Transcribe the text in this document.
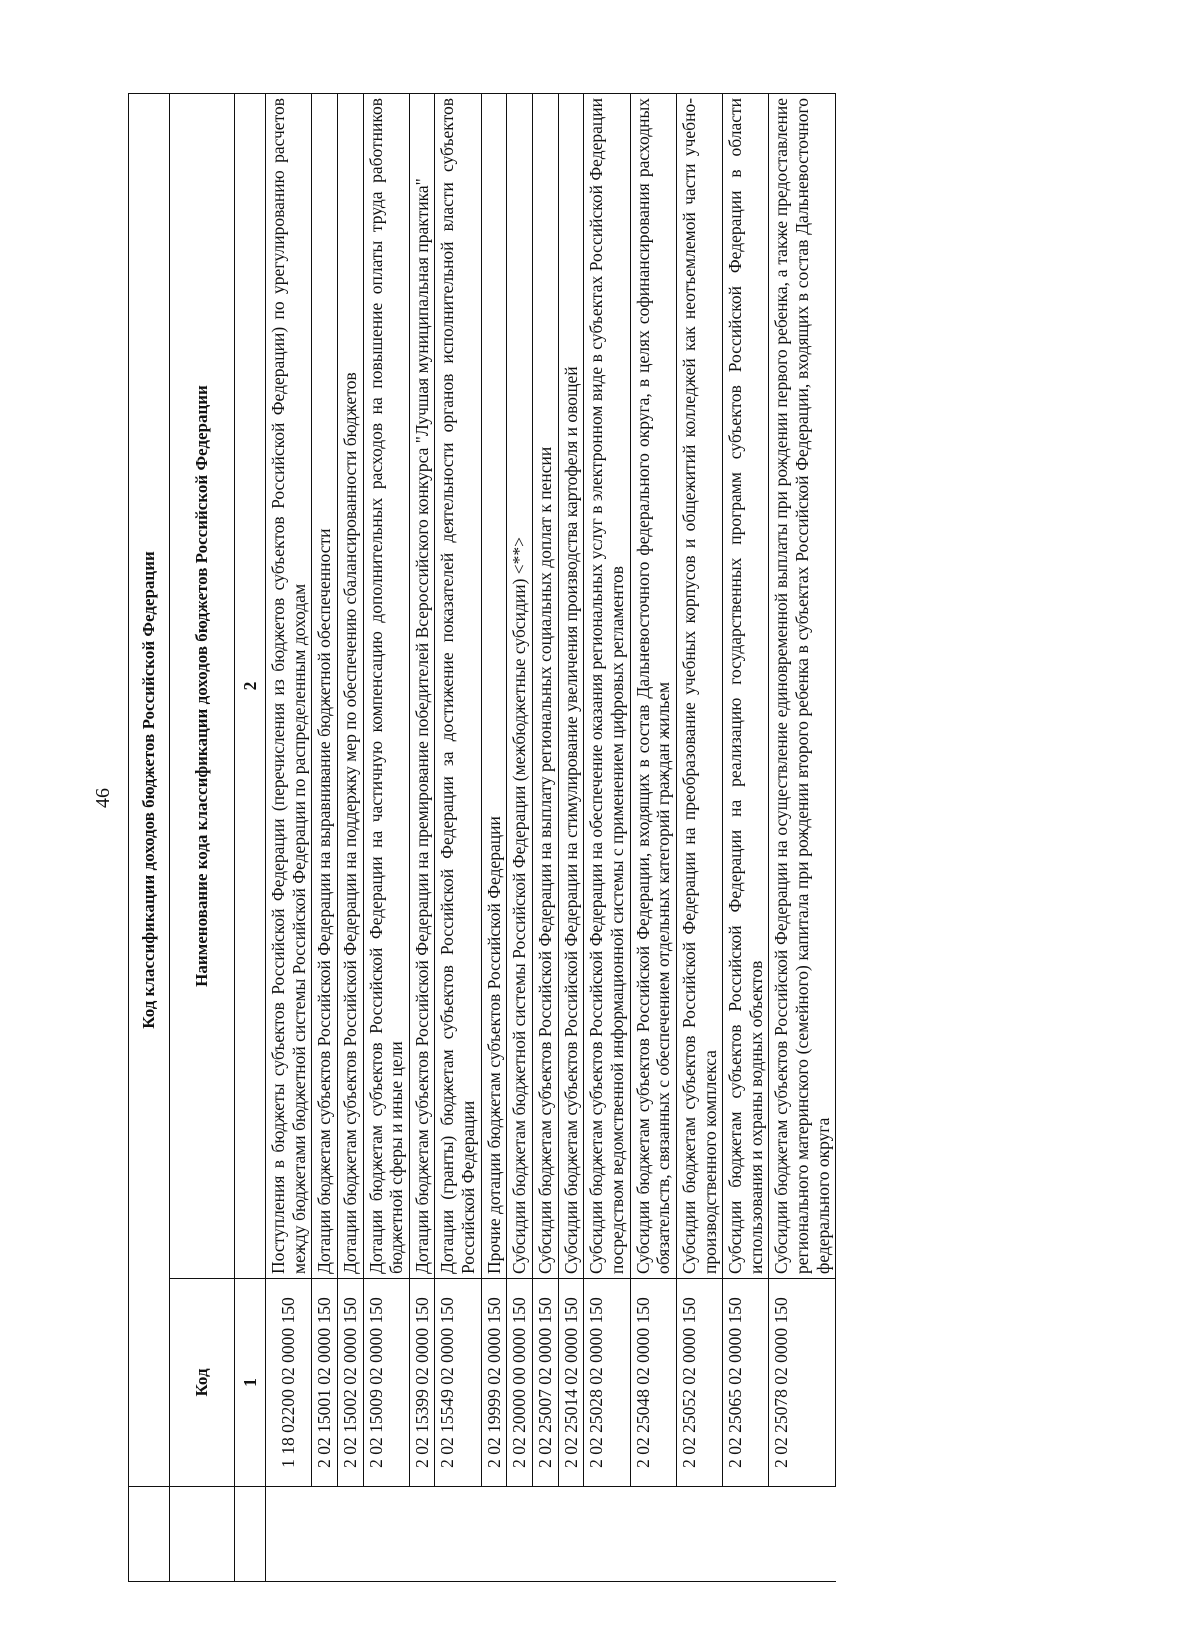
46
	Код классификации доходов бюджетов Российской Федерации	
	Код	Наименование кода классификации доходов бюджетов Российской Федерации
	1	2
	1 18 02200 02 0000 150	Поступления в бюджеты субъектов Российской Федерации (перечисления из бюджетов субъектов Российской Федерации) по урегулированию расчетов между бюджетами бюджетной системы Российской Федерации по распределенным доходам
	2 02 15001 02 0000 150	Дотации бюджетам субъектов Российской Федерации на выравнивание бюджетной обеспеченности
	2 02 15002 02 0000 150	Дотации бюджетам субъектов Российской Федерации на поддержку мер по обеспечению сбалансированности бюджетов
	2 02 15009 02 0000 150	Дотации бюджетам субъектов Российской Федерации на частичную компенсацию дополнительных расходов на повышение оплаты труда работников бюджетной сферы и иные цели
	2 02 15399 02 0000 150	Дотации бюджетам субъектов Российской Федерации на премирование победителей Всероссийского конкурса "Лучшая муниципальная практика"
	2 02 15549 02 0000 150	Дотации (гранты) бюджетам субъектов Российской Федерации за достижение показателей деятельности органов исполнительной власти субъектов Российской Федерации
	2 02 19999 02 0000 150	Прочие дотации бюджетам субъектов Российской Федерации
	2 02 20000 00 0000 150	Субсидии бюджетам бюджетной системы Российской Федерации (межбюджетные субсидии) <**>
	2 02 25007 02 0000 150	Субсидии бюджетам субъектов Российской Федерации на выплату региональных социальных доплат к пенсии
	2 02 25014 02 0000 150	Субсидии бюджетам субъектов Российской Федерации на стимулирование увеличения производства картофеля и овощей
	2 02 25028 02 0000 150	Субсидии бюджетам субъектов Российской Федерации на обеспечение оказания региональных услуг в электронном виде в субъектах Российской Федерации посредством ведомственной информационной системы с применением цифровых регламентов
	2 02 25048 02 0000 150	Субсидии бюджетам субъектов Российской Федерации, входящих в состав Дальневосточного федерального округа, в целях софинансирования расходных обязательств, связанных с обеспечением отдельных категорий граждан жильем
	2 02 25052 02 0000 150	Субсидии бюджетам субъектов Российской Федерации на преобразование учебных корпусов и общежитий колледжей как неотъемлемой части учебно-производственного комплекса
	2 02 25065 02 0000 150	Субсидии бюджетам субъектов Российской Федерации на реализацию государственных программ субъектов Российской Федерации в области использования и охраны водных объектов
	2 02 25078 02 0000 150	Субсидии бюджетам субъектов Российской Федерации на осуществление единовременной выплаты при рождении первого ребенка, а также предоставление регионального материнского (семейного) капитала при рождении второго ребенка в субъектах Российской Федерации, входящих в состав Дальневосточного федерального округа
